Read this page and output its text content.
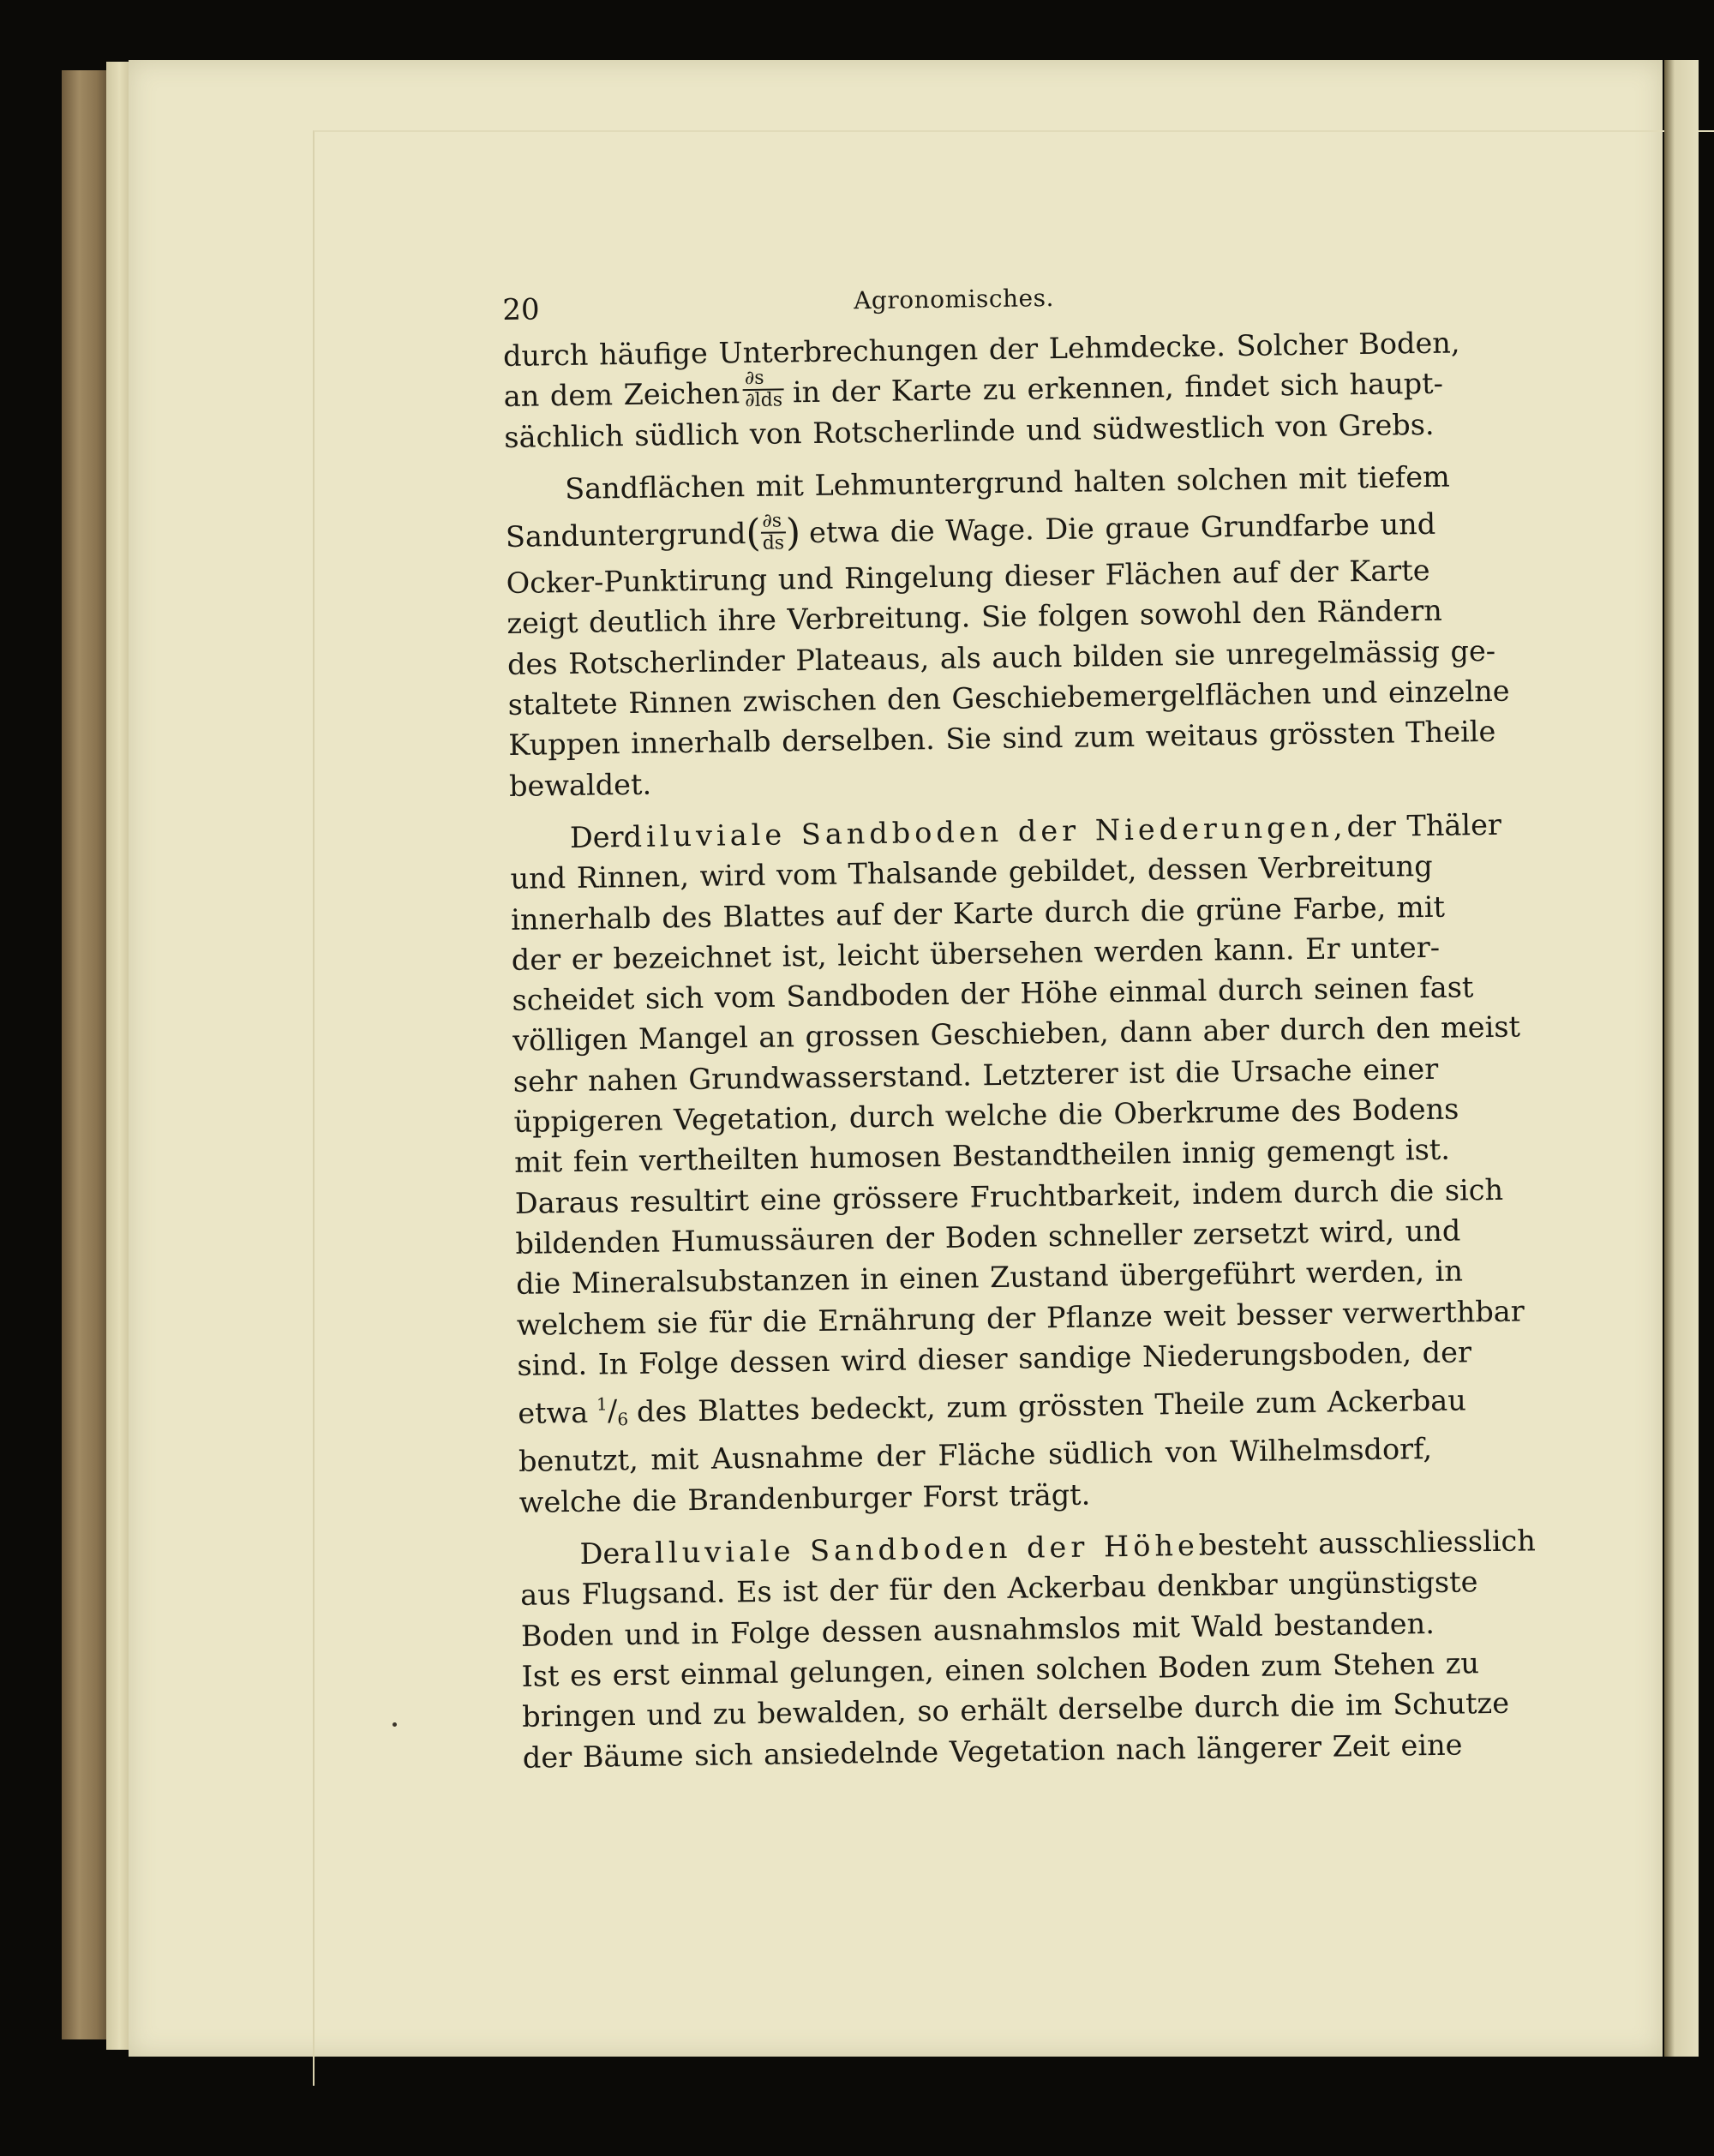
20	Agronomisches.
durch häufige Unterbrechungen der Lehmdecke. Solcher Boden,
an dem Zeichen $\frac{\partial s}{\text{∂lds}}$ in der Karte zu erkennen, findet sich haupt-
sächlich südlich von Rotscherlinde und südwestlich von Grebs.
Sandflächen mit Lehmuntergrund halten solchen mit tiefem
Sanduntergrund ( $\frac{\partial s}{ds}$ ) etwa die Wage. Die graue Grundfarbe und
Ocker-Punktirung und Ringelung dieser Flächen auf der Karte
zeigt deutlich ihre Verbreitung. Sie folgen sowohl den Rändern
des Rotscherlinder Plateaus, als auch bilden sie unregelmässig ge-
staltete Rinnen zwischen den Geschiebemergelflächen und einzelne
Kuppen innerhalb derselben. Sie sind zum weitaus grössten Theile
bewaldet.
Der diluviale Sandboden der Niederungen, der Thäler
und Rinnen, wird vom Thalsande gebildet, dessen Verbreitung
innerhalb des Blattes auf der Karte durch die grüne Farbe, mit
der er bezeichnet ist, leicht übersehen werden kann. Er unter-
scheidet sich vom Sandboden der Höhe einmal durch seinen fast
völligen Mangel an grossen Geschieben, dann aber durch den meist
sehr nahen Grundwasserstand. Letzterer ist die Ursache einer
üppigeren Vegetation, durch welche die Oberkrume des Bodens
mit fein vertheilten humosen Bestandtheilen innig gemengt ist.
Daraus resultirt eine grössere Fruchtbarkeit, indem durch die sich
bildenden Humussäuren der Boden schneller zersetzt wird, und
die Mineralsubstanzen in einen Zustand übergeführt werden, in
welchem sie für die Ernährung der Pflanze weit besser verwerthbar
sind. In Folge dessen wird dieser sandige Niederungsboden, der
etwa $^1/_6$ des Blattes bedeckt, zum grössten Theile zum Ackerbau
benutzt, mit Ausnahme der Fläche südlich von Wilhelmsdorf,
welche die Brandenburger Forst trägt.
Der alluviale Sandboden der Höhe besteht ausschliesslich
aus Flugsand. Es ist der für den Ackerbau denkbar ungünstigste
Boden und in Folge dessen ausnahmslos mit Wald bestanden.
Ist es erst einmal gelungen, einen solchen Boden zum Stehen zu
bringen und zu bewalden, so erhält derselbe durch die im Schutze
der Bäume sich ansiedelnde Vegetation nach längerer Zeit eine
